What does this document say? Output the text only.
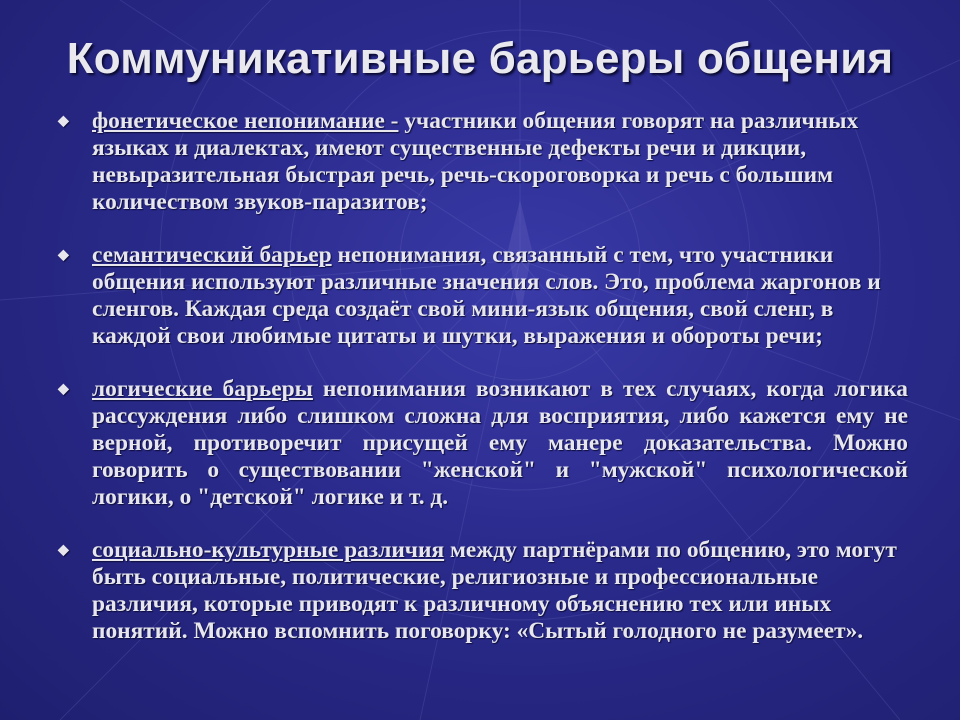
Коммуникативные барьеры общения
◆ фонетическое непонимание - участники общения говорят на различных языках и диалектах, имеют существенные дефекты речи и дикции, невыразительная быстрая речь, речь-скороговорка и речь с большим количеством звуков-паразитов;
◆ семантический барьер непонимания, связанный с тем, что участники общения используют различные значения слов. Это, проблема жаргонов и сленгов. Каждая среда создаёт свой мини-язык общения, свой сленг, в каждой свои любимые цитаты и шутки, выражения и обороты речи;
◆ логические барьеры непонимания возникают в тех случаях, когда логика рассуждения либо слишком сложна для восприятия, либо кажется ему не верной, противоречит присущей ему манере доказательства. Можно говорить о существовании "женской" и "мужской" психологической логики, о "детской" логике и т. д.
◆ социально-культурные различия между партнёрами по общению, это могут быть социальные, политические, религиозные и профессиональные различия, которые приводят к различному объяснению тех или иных понятий. Можно вспомнить поговорку: «Сытый голодного не разумеет».
